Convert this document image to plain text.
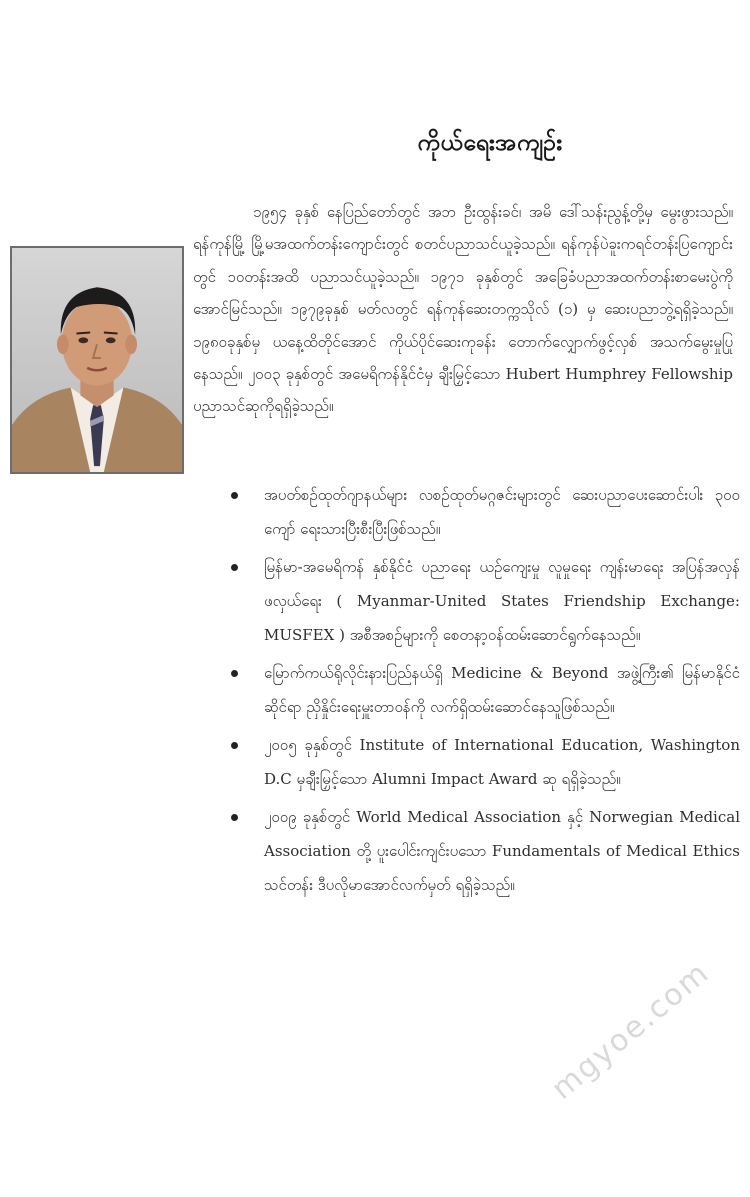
ကိုယ်ရေးအကျဉ်း

၁၉၅၄ ခုနှစ် နေပြည်တော်တွင် အဘ ဦးထွန်းခင်၊ အမိ ဒေါ်သန်းညွန့်တို့မှ မွေးဖွားသည်။ ရန်ကုန်မြို့ မြို့မအထက်တန်းကျောင်းတွင် စတင်ပညာသင်ယူခဲ့သည်။ ရန်ကုန်ပဲခူးကရင်တန်းပြကျောင်းတွင် ၁၀တန်းအထိ ပညာသင်ယူခဲ့သည်။ ၁၉၇၁ ခုနှစ်တွင် အခြေခံပညာအထက်တန်းစာမေးပွဲကို အောင်မြင်သည်။ ၁၉၇၉ခုနှစ် မတ်လတွင် ရန်ကုန်ဆေးတက္ကသိုလ် (၁) မှ ဆေးပညာဘွဲ့ရရှိခဲ့သည်။ ၁၉၈၀ခုနှစ်မှ ယနေ့ထိတိုင်အောင် ကိုယ်ပိုင်ဆေးကုခန်း တောက်လျှောက်ဖွင့်လှစ် အသက်မွေးမှုပြုနေသည်။ ၂၀၀၃ ခုနှစ်တွင် အမေရိကန်နိုင်ငံမှ ချီးမြှင့်သော Hubert Humphrey Fellowship ပညာသင်ဆုကိုရရှိခဲ့သည်။

အပတ်စဉ်ထုတ်ဂျာနယ်များ လစဉ်ထုတ်မဂ္ဂဇင်းများတွင် ဆေးပညာပေးဆောင်းပါး ၃၀၀ ကျော် ရေးသားပြီးစီးပြီးဖြစ်သည်။
မြန်မာ-အမေရိကန် နှစ်နိုင်ငံ ပညာရေး ယဉ်ကျေးမှု လူမှုရေး ကျန်းမာရေး အပြန်အလှန်ဖလှယ်ရေး ( Myanmar-United States Friendship Exchange: MUSFEX ) အစီအစဉ်များကို စေတနာ့ဝန်ထမ်းဆောင်ရွက်နေသည်။
မြောက်ကယ်ရိုလိုင်းနားပြည်နယ်ရှိ Medicine & Beyond အဖွဲ့ကြီး၏ မြန်မာနိုင်ငံဆိုင်ရာ ညှိနှိုင်းရေးမှူးတာဝန်ကို လက်ရှိထမ်းဆောင်နေသူဖြစ်သည်။
၂၀၀၅ ခုနှစ်တွင် Institute of International Education, Washington D.C မှချီးမြှင့်သော Alumni Impact Award ဆု ရရှိခဲ့သည်။
၂၀၀၉ ခုနှစ်တွင် World Medical Association နှင့် Norwegian Medical Association တို့ ပူးပေါင်းကျင်းပသော Fundamentals of Medical Ethics သင်တန်း ဒီပလိုမာအောင်လက်မှတ် ရရှိခဲ့သည်။
mgyoe.com
